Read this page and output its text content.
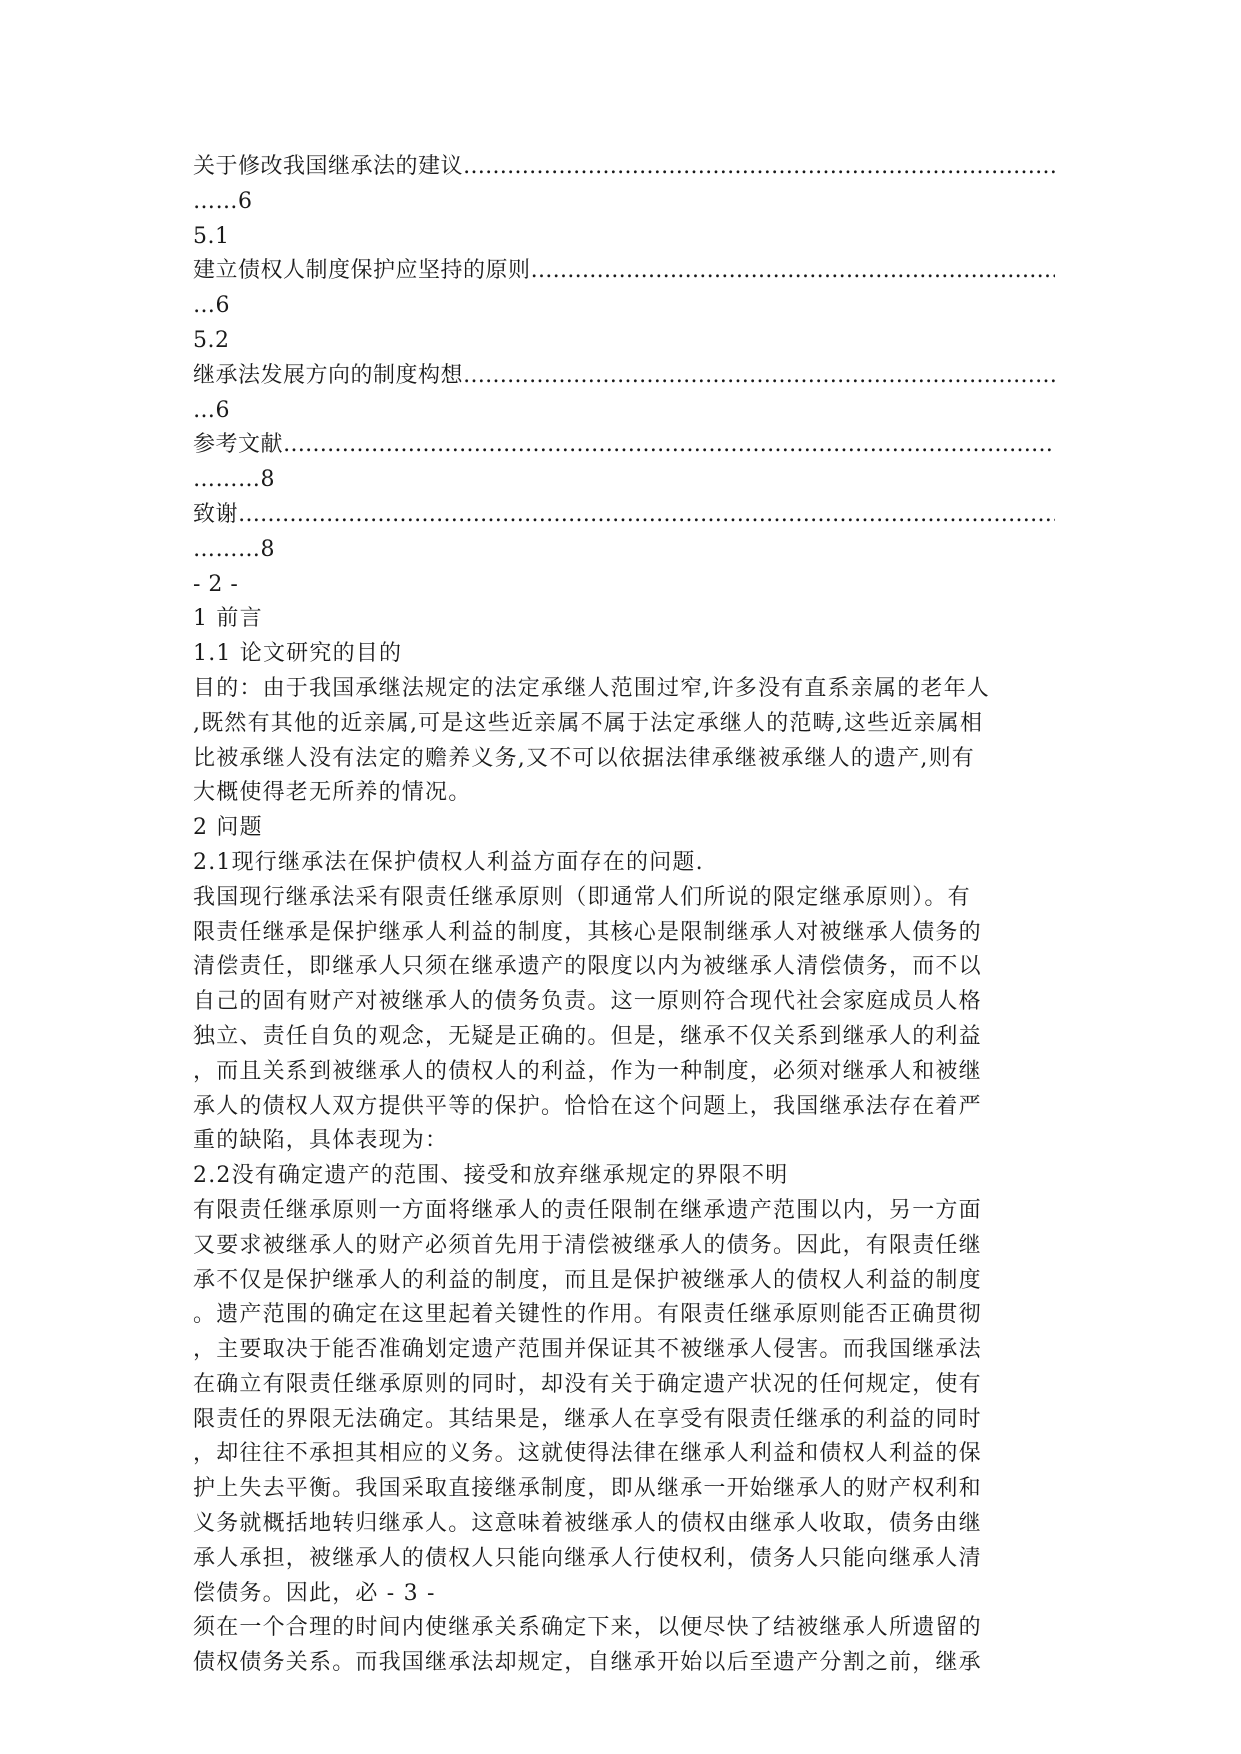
关于修改我国继承法的建议
…………………………………………………………………………………………………………………………………………………………………………………………
……6
5.1
建立债权人制度保护应坚持的原则
…………………………………………………………………………………………………………………………………………………………………………………………
…6
5.2
继承法发展方向的制度构想
…………………………………………………………………………………………………………………………………………………………………………………………
…6
参考文献
…………………………………………………………………………………………………………………………………………………………………………………………
………8
致谢
…………………………………………………………………………………………………………………………………………………………………………………………
………8
- 2 -
1 前言
1.1 论文研究的目的
目的：由于我国承继法规定的法定承继人范围过窄,许多没有直系亲属的老年人
,既然有其他的近亲属,可是这些近亲属不属于法定承继人的范畴,这些近亲属相
比被承继人没有法定的赡养义务,又不可以依据法律承继被承继人的遗产,则有
大概使得老无所养的情况。
2 问题
2.1现行继承法在保护债权人利益方面存在的问题.
我国现行继承法采有限责任继承原则（即通常人们所说的限定继承原则）。有
限责任继承是保护继承人利益的制度，其核心是限制继承人对被继承人债务的
清偿责任，即继承人只须在继承遗产的限度以内为被继承人清偿债务，而不以
自己的固有财产对被继承人的债务负责。这一原则符合现代社会家庭成员人格
独立、责任自负的观念，无疑是正确的。但是，继承不仅关系到继承人的利益
，而且关系到被继承人的债权人的利益，作为一种制度，必须对继承人和被继
承人的债权人双方提供平等的保护。恰恰在这个问题上，我国继承法存在着严
重的缺陷，具体表现为：
2.2没有确定遗产的范围、接受和放弃继承规定的界限不明
有限责任继承原则一方面将继承人的责任限制在继承遗产范围以内，另一方面
又要求被继承人的财产必须首先用于清偿被继承人的债务。因此，有限责任继
承不仅是保护继承人的利益的制度，而且是保护被继承人的债权人利益的制度
。遗产范围的确定在这里起着关键性的作用。有限责任继承原则能否正确贯彻
，主要取决于能否准确划定遗产范围并保证其不被继承人侵害。而我国继承法
在确立有限责任继承原则的同时，却没有关于确定遗产状况的任何规定，使有
限责任的界限无法确定。其结果是，继承人在享受有限责任继承的利益的同时
，却往往不承担其相应的义务。这就使得法律在继承人利益和债权人利益的保
护上失去平衡。我国采取直接继承制度，即从继承一开始继承人的财产权利和
义务就概括地转归继承人。这意味着被继承人的债权由继承人收取，债务由继
承人承担，被继承人的债权人只能向继承人行使权利，债务人只能向继承人清
偿债务。因此，必 - 3 -
须在一个合理的时间内使继承关系确定下来，以便尽快了结被继承人所遗留的
债权债务关系。而我国继承法却规定，自继承开始以后至遗产分割之前，继承
